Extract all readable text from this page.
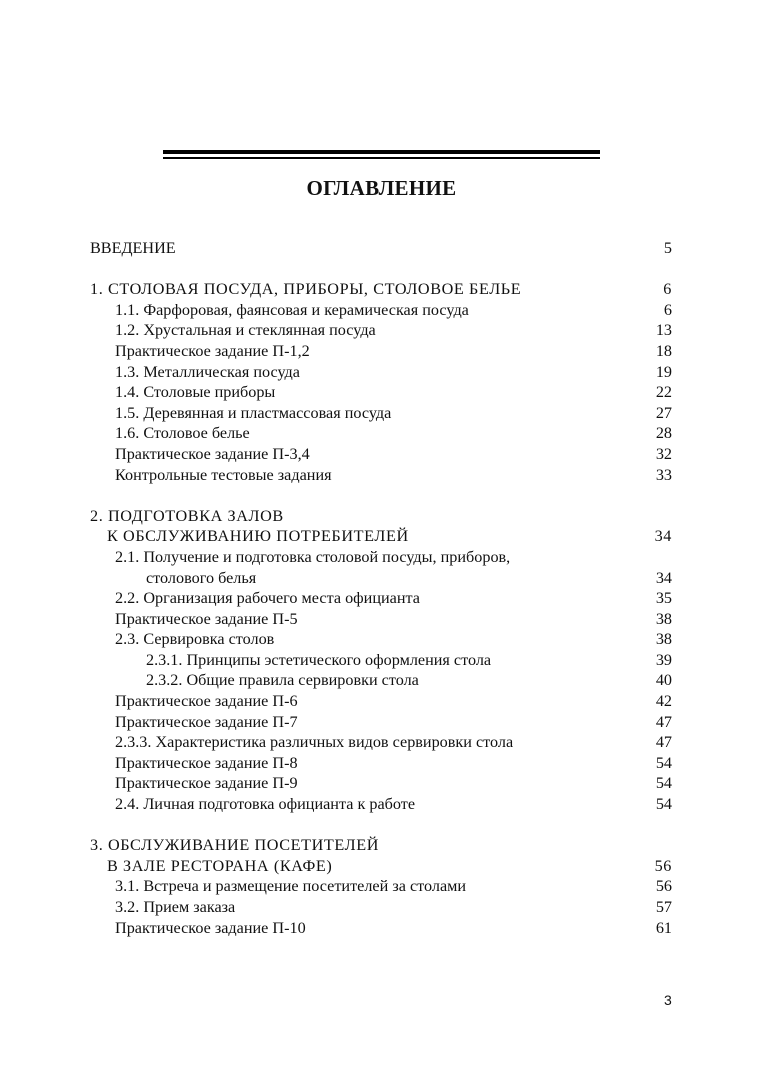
ОГЛАВЛЕНИЕ
ВВЕДЕНИЕ	5
1. СТОЛОВАЯ ПОСУДА, ПРИБОРЫ, СТОЛОВОЕ БЕЛЬЕ	6
1.1. Фарфоровая, фаянсовая и керамическая посуда	6
1.2. Хрустальная и стеклянная посуда	13
Практическое задание П-1,2	18
1.3. Металлическая посуда	19
1.4. Столовые приборы	22
1.5. Деревянная и пластмассовая посуда	27
1.6. Столовое белье	28
Практическое задание П-3,4	32
Контрольные тестовые задания	33
2. ПОДГОТОВКА ЗАЛОВ
К ОБСЛУЖИВАНИЮ ПОТРЕБИТЕЛЕЙ	34
2.1. Получение и подготовка столовой посуды, приборов,
столового белья	34
2.2. Организация рабочего места официанта	35
Практическое задание П-5	38
2.3. Сервировка столов	38
2.3.1. Принципы эстетического оформления стола	39
2.3.2. Общие правила сервировки стола	40
Практическое задание П-6	42
Практическое задание П-7	47
2.3.3. Характеристика различных видов сервировки стола	47
Практическое задание П-8	54
Практическое задание П-9	54
2.4. Личная подготовка официанта к работе	54
3. ОБСЛУЖИВАНИЕ ПОСЕТИТЕЛЕЙ
В ЗАЛЕ РЕСТОРАНА (КАФЕ)	56
3.1. Встреча и размещение посетителей за столами	56
3.2. Прием заказа	57
Практическое задание П-10	61
3
